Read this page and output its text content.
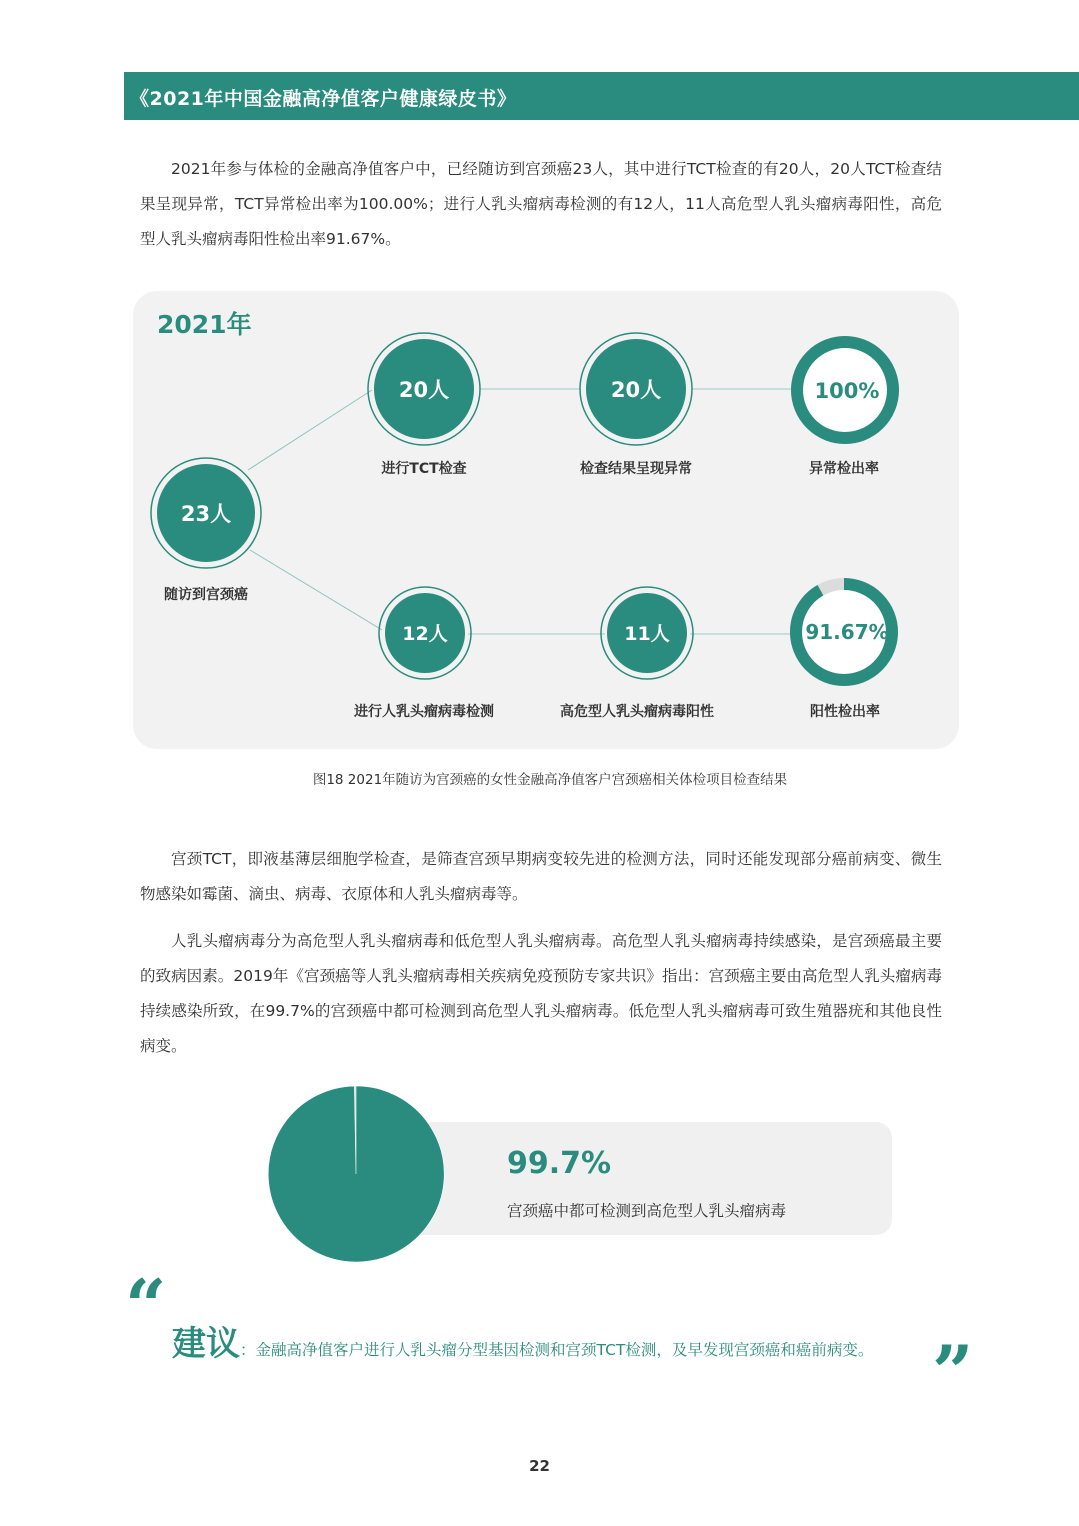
《2021年中国金融高净值客户健康绿皮书》

2021年参与体检的金融高净值客户中，已经随访到宫颈癌23人，其中进行TCT检查的有20人，20人TCT检查结果呈现异常，TCT异常检出率为100.00%；进行人乳头瘤病毒检测的有12人，11人高危型人乳头瘤病毒阳性，高危型人乳头瘤病毒阳性检出率91.67%。

2021年
23人
20人	20人	100%
12人	11人	91.67%
随访到宫颈癌
进行TCT检查	检查结果呈现异常	异常检出率
进行人乳头瘤病毒检测	高危型人乳头瘤病毒阳性	阳性检出率
图18 2021年随访为宫颈癌的女性金融高净值客户宫颈癌相关体检项目检查结果

宫颈TCT，即液基薄层细胞学检查，是筛查宫颈早期病变较先进的检测方法，同时还能发现部分癌前病变、微生物感染如霉菌、滴虫、病毒、衣原体和人乳头瘤病毒等。

人乳头瘤病毒分为高危型人乳头瘤病毒和低危型人乳头瘤病毒。高危型人乳头瘤病毒持续感染，是宫颈癌最主要的致病因素。2019年《宫颈癌等人乳头瘤病毒相关疾病免疫预防专家共识》指出：宫颈癌主要由高危型人乳头瘤病毒持续感染所致，在99.7%的宫颈癌中都可检测到高危型人乳头瘤病毒。低危型人乳头瘤病毒可致生殖器疣和其他良性病变。

99.7%
宫颈癌中都可检测到高危型人乳头瘤病毒
“ 建议：金融高净值客户进行人乳头瘤分型基因检测和宫颈TCT检测，及早发现宫颈癌和癌前病变。 ”
22
